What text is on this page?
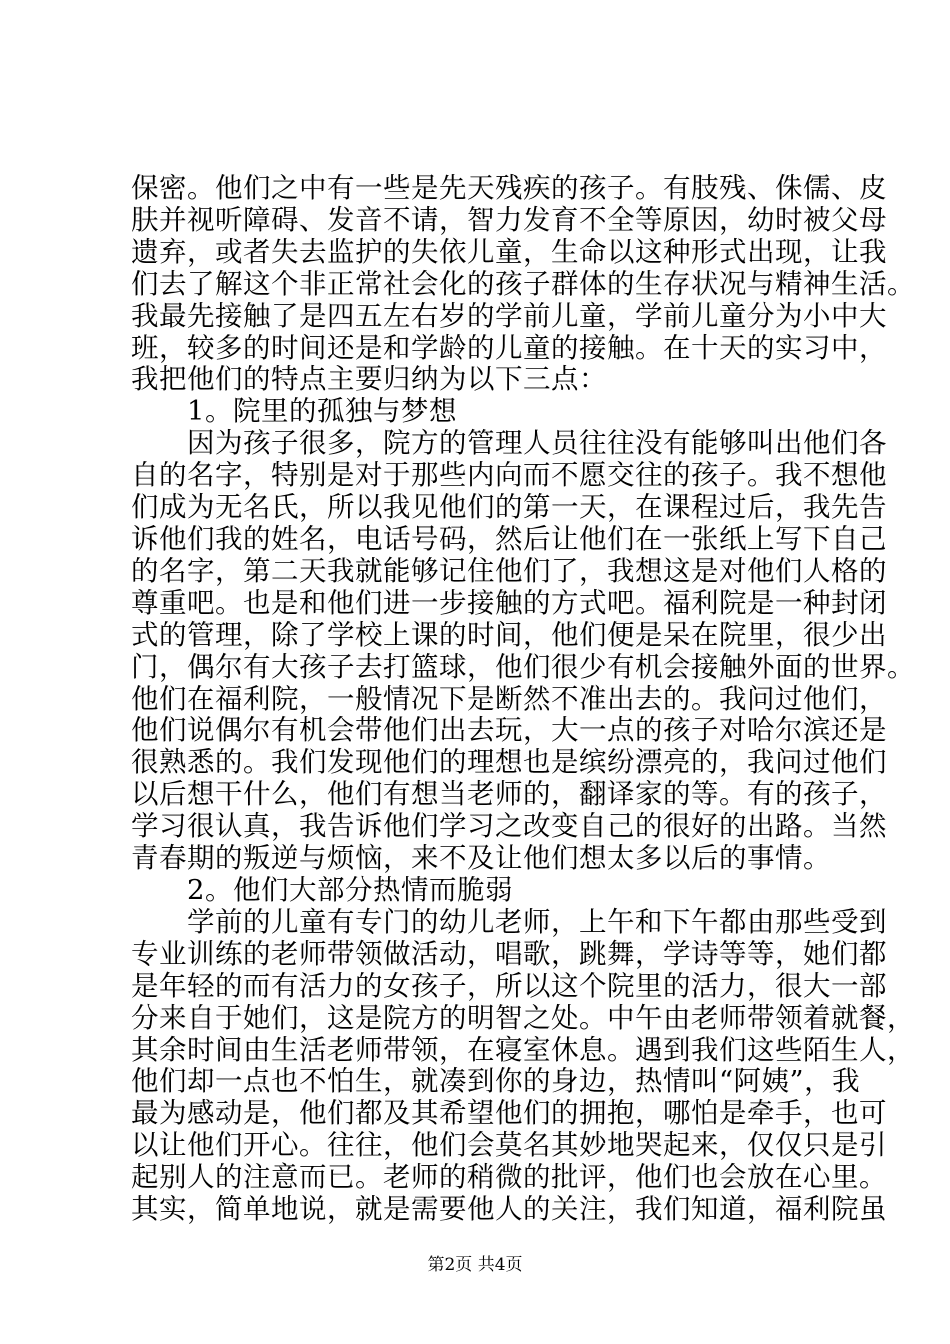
保密。他们之中有一些是先天残疾的孩子。有肢残、侏儒、皮
肤并视听障碍、发音不请，智力发育不全等原因，幼时被父母
遗弃，或者失去监护的失依儿童，生命以这种形式出现，让我
们去了解这个非正常社会化的孩子群体的生存状况与精神生活。
我最先接触了是四五左右岁的学前儿童，学前儿童分为小中大
班，较多的时间还是和学龄的儿童的接触。在十天的实习中，
我把他们的特点主要归纳为以下三点：
　　1。院里的孤独与梦想
　　因为孩子很多，院方的管理人员往往没有能够叫出他们各
自的名字，特别是对于那些内向而不愿交往的孩子。我不想他
们成为无名氏，所以我见他们的第一天，在课程过后，我先告
诉他们我的姓名，电话号码，然后让他们在一张纸上写下自己
的名字，第二天我就能够记住他们了，我想这是对他们人格的
尊重吧。也是和他们进一步接触的方式吧。福利院是一种封闭
式的管理，除了学校上课的时间，他们便是呆在院里，很少出
门，偶尔有大孩子去打篮球，他们很少有机会接触外面的世界。
他们在福利院，一般情况下是断然不准出去的。我问过他们，
他们说偶尔有机会带他们出去玩，大一点的孩子对哈尔滨还是
很熟悉的。我们发现他们的理想也是缤纷漂亮的，我问过他们
以后想干什么，他们有想当老师的，翻译家的等。有的孩子，
学习很认真，我告诉他们学习之改变自己的很好的出路。当然
青春期的叛逆与烦恼，来不及让他们想太多以后的事情。
　　2。他们大部分热情而脆弱
　　学前的儿童有专门的幼儿老师，上午和下午都由那些受到
专业训练的老师带领做活动，唱歌，跳舞，学诗等等，她们都
是年轻的而有活力的女孩子，所以这个院里的活力，很大一部
分来自于她们，这是院方的明智之处。中午由老师带领着就餐，
其余时间由生活老师带领，在寝室休息。遇到我们这些陌生人，
他们却一点也不怕生，就凑到你的身边，热情叫“阿姨”，我
最为感动是，他们都及其希望他们的拥抱，哪怕是牵手，也可
以让他们开心。往往，他们会莫名其妙地哭起来，仅仅只是引
起别人的注意而已。老师的稍微的批评，他们也会放在心里。
其实，简单地说，就是需要他人的关注，我们知道，福利院虽
第2页 共4页
